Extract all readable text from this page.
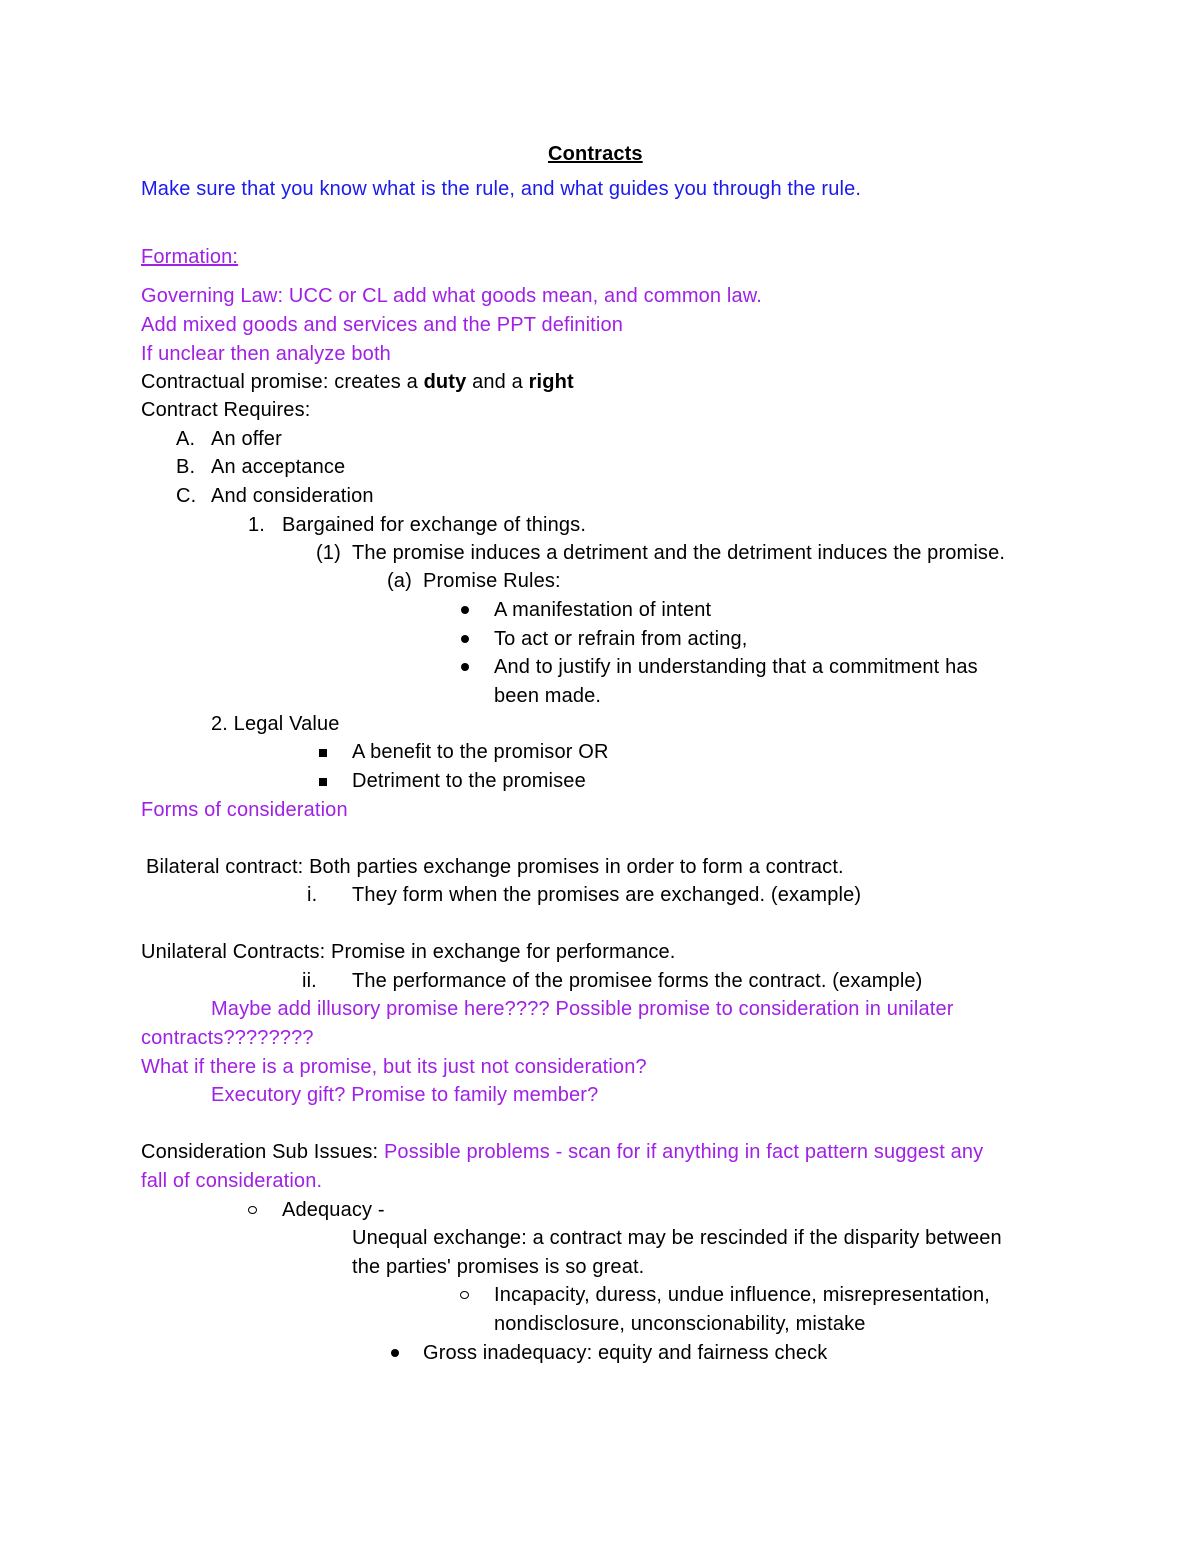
Contracts
Make sure that you know what is the rule, and what guides you through the rule.
Formation:
Governing Law: UCC or CL add what goods mean, and common law.
Add mixed goods and services and the PPT definition
If unclear then analyze both
Contractual promise: creates a duty and a right
Contract Requires:
A. An offer
B. An acceptance
C. And consideration
1. Bargained for exchange of things.
(1) The promise induces a detriment and the detriment induces the promise.
(a) Promise Rules:
A manifestation of intent
To act or refrain from acting,
And to justify in understanding that a commitment has
been made.
2. Legal Value
A benefit to the promisor OR
Detriment to the promisee
Forms of consideration
Bilateral contract: Both parties exchange promises in order to form a contract.
i. They form when the promises are exchanged. (example)
Unilateral Contracts: Promise in exchange for performance.
ii. The performance of the promisee forms the contract. (example)
Maybe add illusory promise here???? Possible promise to consideration in unilater
contracts????????
What if there is a promise, but its just not consideration?
Executory gift? Promise to family member?
Consideration Sub Issues: Possible problems - scan for if anything in fact pattern suggest any
fall of consideration.
Adequacy -
Unequal exchange: a contract may be rescinded if the disparity between
the parties' promises is so great.
Incapacity, duress, undue influence, misrepresentation,
nondisclosure, unconscionability, mistake
Gross inadequacy: equity and fairness check
